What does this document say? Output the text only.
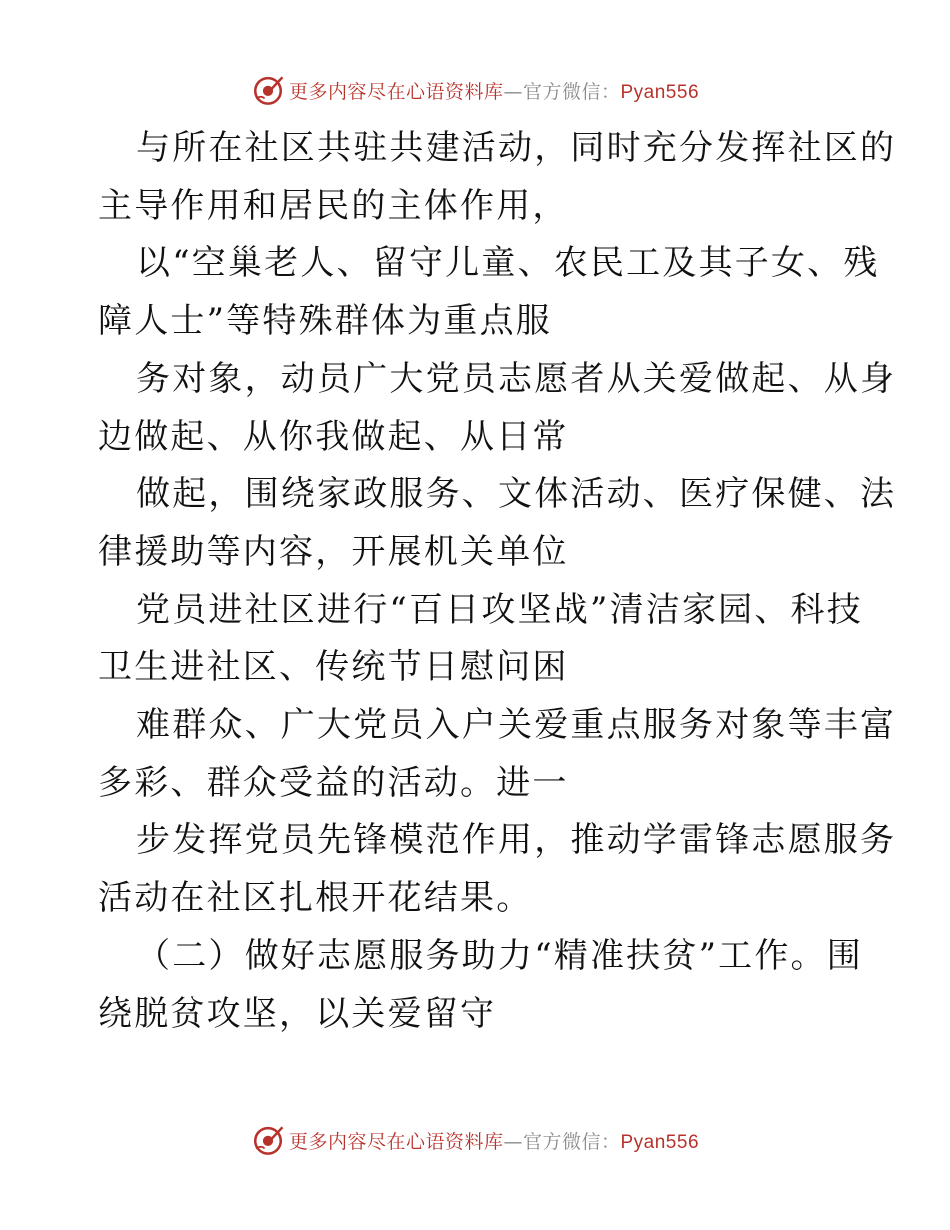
更多内容尽在心语资料库—官方微信：Pyan556

与所在社区共驻共建活动，同时充分发挥社区的
主导作用和居民的主体作用，

以“空巢老人、留守儿童、农民工及其子女、残
障人士”等特殊群体为重点服

务对象，动员广大党员志愿者从关爱做起、从身
边做起、从你我做起、从日常

做起，围绕家政服务、文体活动、医疗保健、法
律援助等内容，开展机关单位

党员进社区进行“百日攻坚战”清洁家园、科技
卫生进社区、传统节日慰问困

难群众、广大党员入户关爱重点服务对象等丰富
多彩、群众受益的活动。进一

步发挥党员先锋模范作用，推动学雷锋志愿服务
活动在社区扎根开花结果。

（二）做好志愿服务助力“精准扶贫”工作。围
绕脱贫攻坚，以关爱留守

更多内容尽在心语资料库—官方微信：Pyan556
